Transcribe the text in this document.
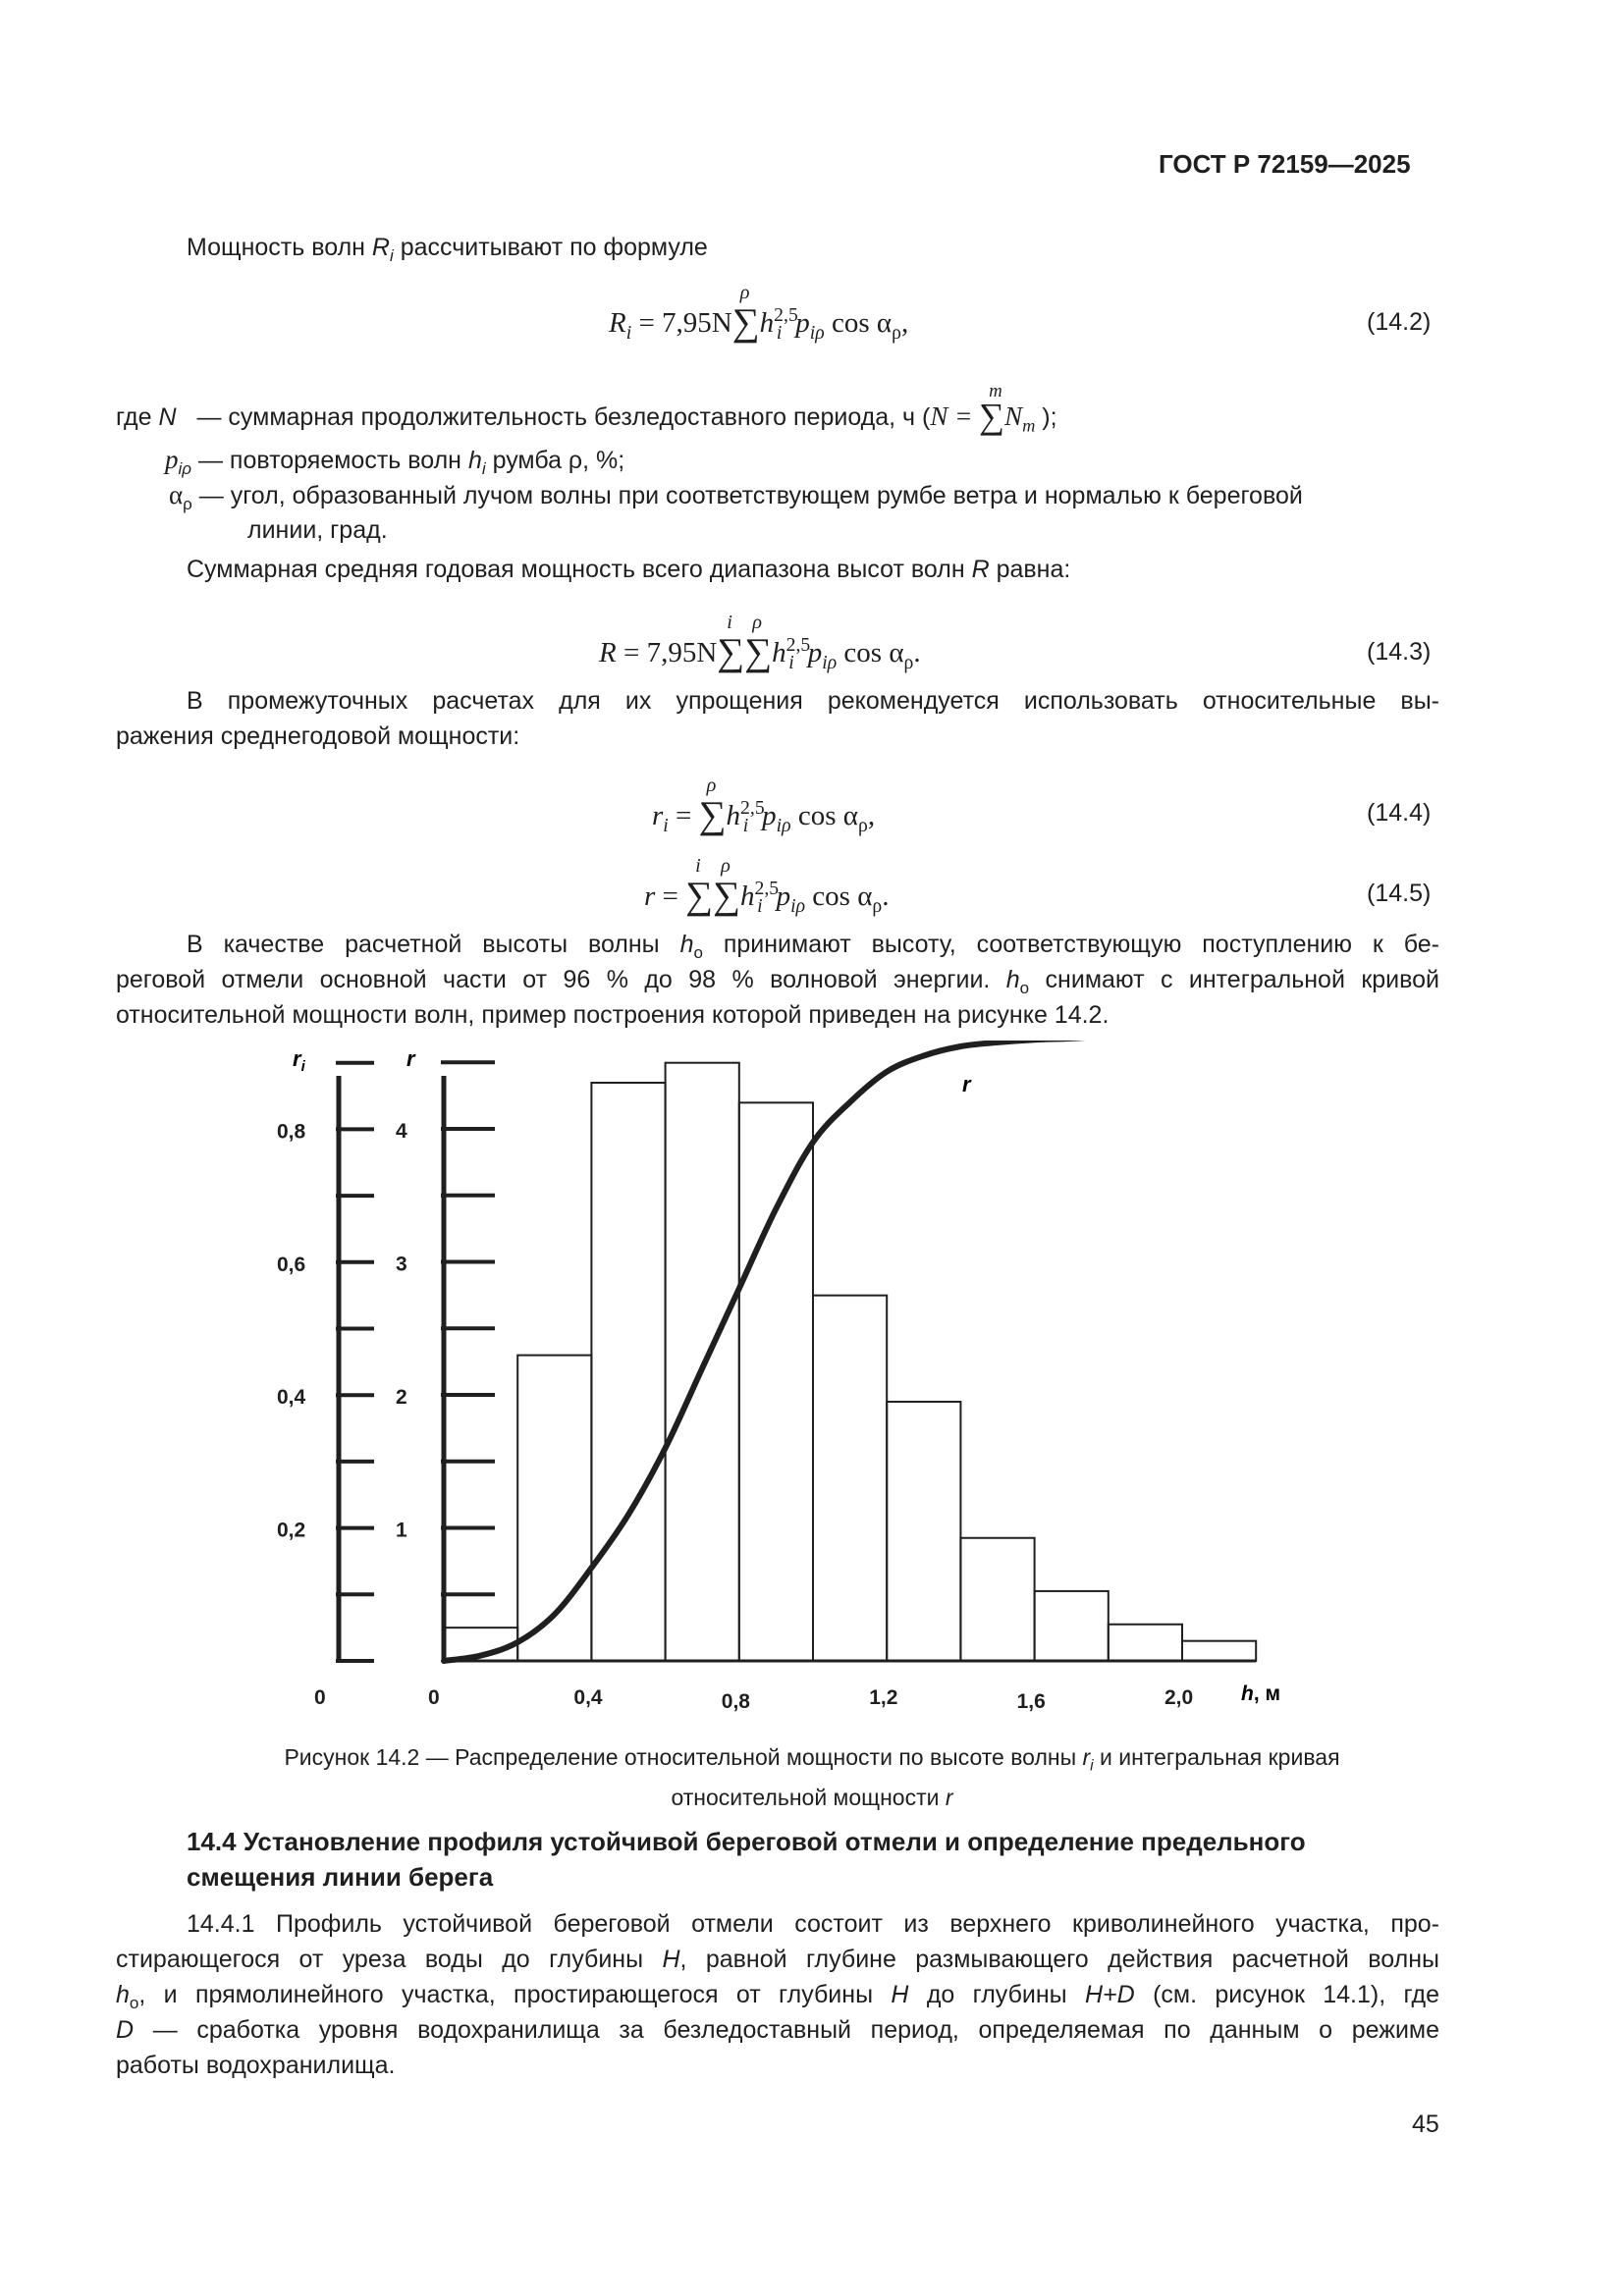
ГОСТ Р 72159—2025
Мощность волн $R_i$ рассчитывают по формуле
$R_i = 7,95N$
ρ
$\sum h^{2,5}_i$ $p_{i\rho}$ $\cos \alpha_\rho$,	(14.2)
где N — суммарная продолжительность безледоставного периода, ч (N =
m
$\sum N_m$ );
$p_{i\rho}$ — повторяемость волн $h_i$ румба ρ, %;
$\alpha_\rho$ — угол, образованный лучом волны при соответствующем румбе ветра и нормалью к береговой
линии, град.
Суммарная средняя годовая мощность всего диапазона высот волн R равна:
R = 7,95N
i
∑
ρ
$\sum h^{2,5}_i$ $p_{i\rho}$ $\cos \alpha_\rho$.	(14.3)
В промежуточных расчетах для их упрощения рекомендуется использовать относительные вы-
ражения среднегодовой мощности:
$r_i$ =
ρ
$\sum h^{2,5}_i$ $p_{i\rho}$ $\cos \alpha_\rho$,	(14.4)
r =
i
∑
ρ
$\sum h^{2,5}_i$ $p_{i\rho}$ $\cos \alpha_\rho$.	(14.5)
В качестве расчетной высоты волны $h_o$ принимают высоту, соответствующую поступлению к бе-
реговой отмели основной части от 96 % до 98 % волновой энергии. $h_o$ снимают с интегральной кривой
относительной мощности волн, пример построения которой приведен на рисунке 14.2.
0
0,2
0,4
0,6
0,8
0
1
2
3
4
0,4	0,8	1,2	1,6	2,0
r
$r_i$	r
h, м
Рисунок 14.2 — Распределение относительной мощности по высоте волны $r_i$ и интегральная кривая
относительной мощности r
14.4 Установление профиля устойчивой береговой отмели и определение предельного
смещения линии берега
14.4.1 Профиль устойчивой береговой отмели состоит из верхнего криволинейного участка, про-
стирающегося от уреза воды до глубины H, равной глубине размывающего действия расчетной волны
$h_o$, и прямолинейного участка, простирающегося от глубины H до глубины H+D (см. рисунок 14.1), где
D — сработка уровня водохранилища за безледоставный период, определяемая по данным о режиме
работы водохранилища.
45
